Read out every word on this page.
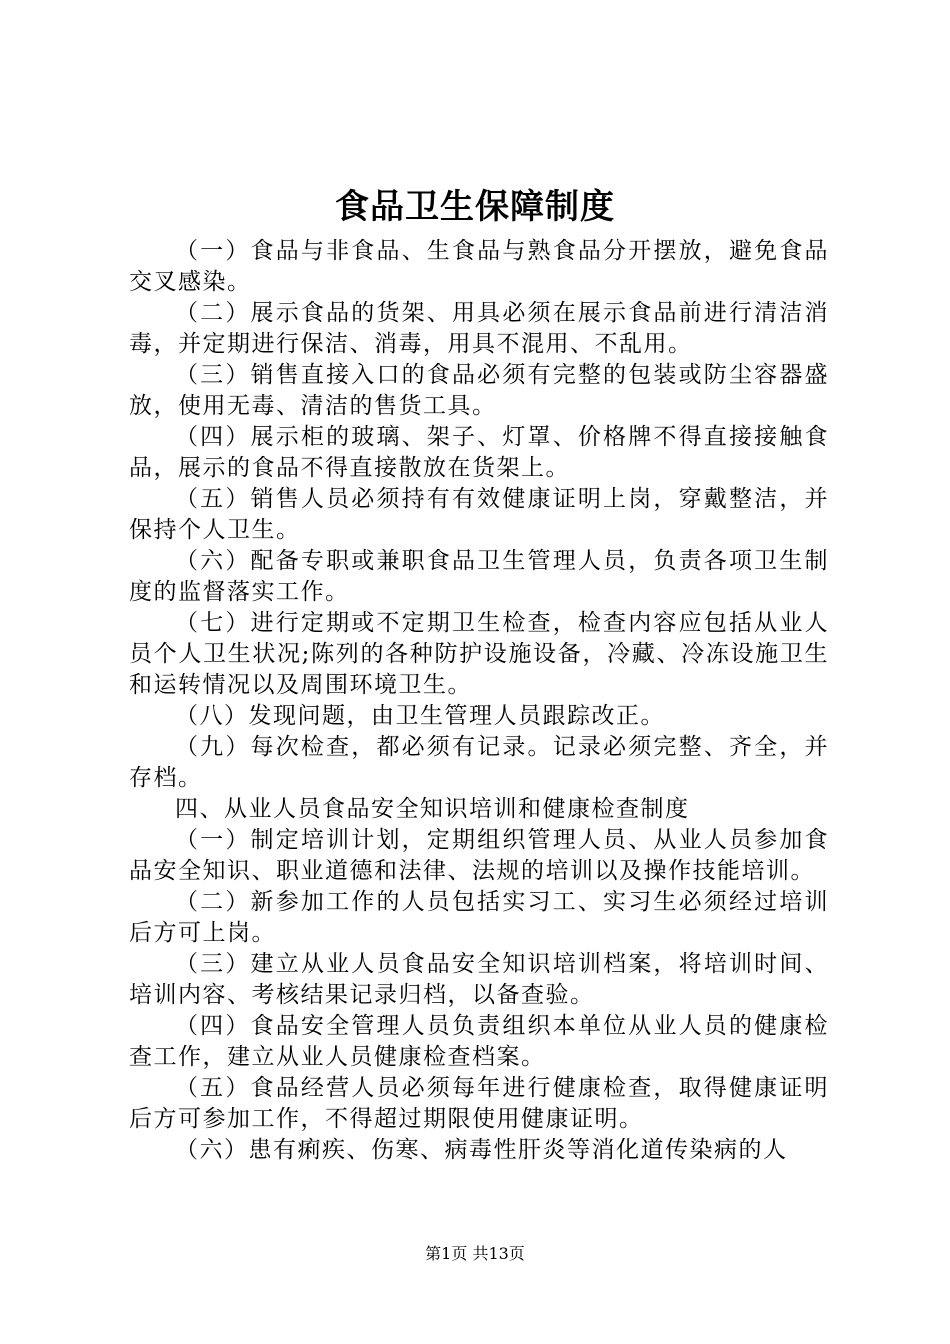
食品卫生保障制度

（一）食品与非食品、生食品与熟食品分开摆放，避免食品交叉感染。

（二）展示食品的货架、用具必须在展示食品前进行清洁消毒，并定期进行保洁、消毒，用具不混用、不乱用。

（三）销售直接入口的食品必须有完整的包装或防尘容器盛放，使用无毒、清洁的售货工具。

（四）展示柜的玻璃、架子、灯罩、价格牌不得直接接触食品，展示的食品不得直接散放在货架上。

（五）销售人员必须持有有效健康证明上岗，穿戴整洁，并保持个人卫生。

（六）配备专职或兼职食品卫生管理人员，负责各项卫生制度的监督落实工作。

（七）进行定期或不定期卫生检查，检查内容应包括从业人员个人卫生状况;陈列的各种防护设施设备，冷藏、冷冻设施卫生和运转情况以及周围环境卫生。

（八）发现问题，由卫生管理人员跟踪改正。

（九）每次检查，都必须有记录。记录必须完整、齐全，并存档。

四、从业人员食品安全知识培训和健康检查制度

（一）制定培训计划，定期组织管理人员、从业人员参加食品安全知识、职业道德和法律、法规的培训以及操作技能培训。

（二）新参加工作的人员包括实习工、实习生必须经过培训后方可上岗。

（三）建立从业人员食品安全知识培训档案，将培训时间、培训内容、考核结果记录归档，以备查验。

（四）食品安全管理人员负责组织本单位从业人员的健康检查工作，建立从业人员健康检查档案。

（五）食品经营人员必须每年进行健康检查，取得健康证明后方可参加工作，不得超过期限使用健康证明。

（六）患有痢疾、伤寒、病毒性肝炎等消化道传染病的人

第1页 共13页
